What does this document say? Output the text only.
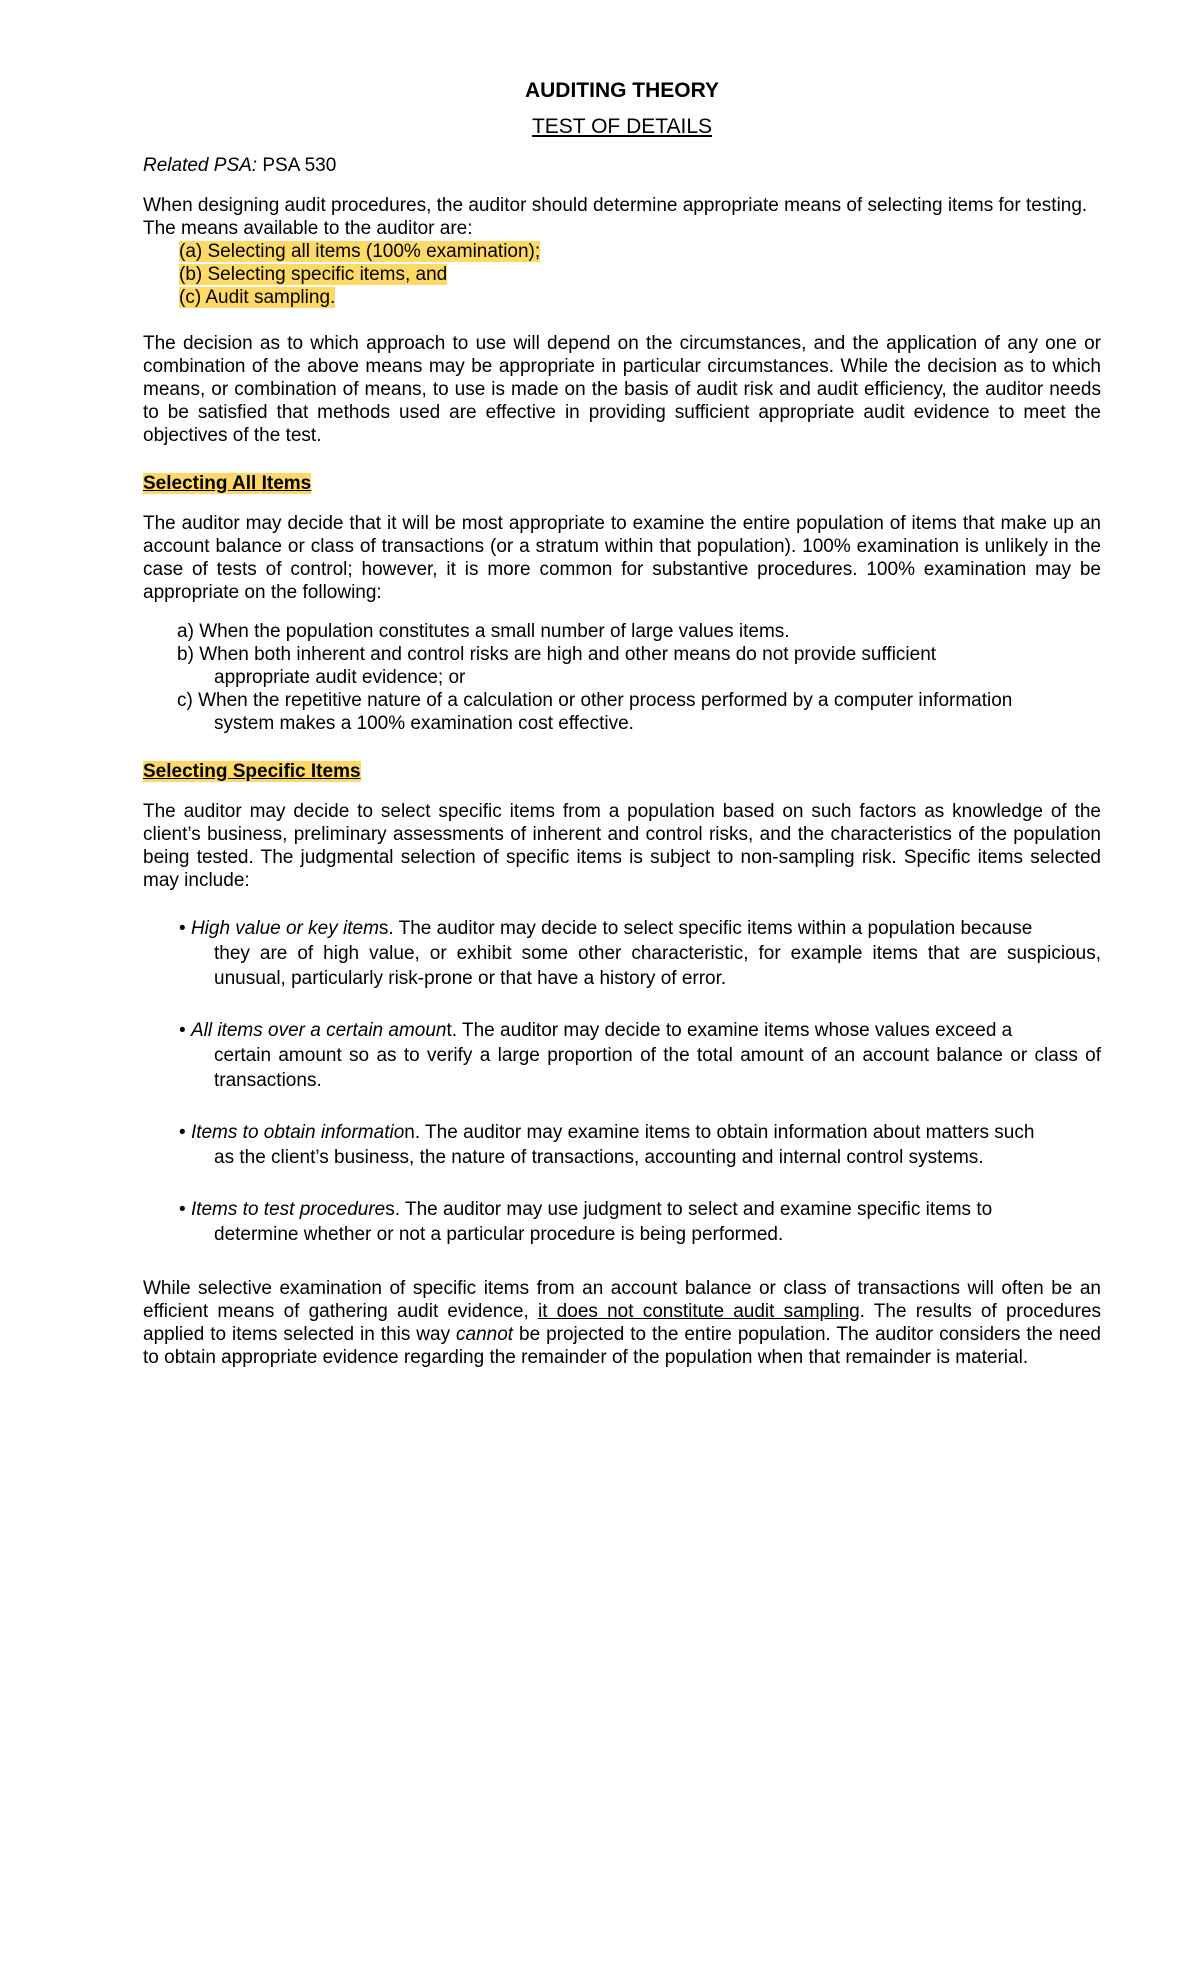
AUDITING THEORY
TEST OF DETAILS
Related PSA: PSA 530

When designing audit procedures, the auditor should determine appropriate means of selecting items for testing. The means available to the auditor are:

(a) Selecting all items (100% examination);
(b) Selecting specific items, and
(c) Audit sampling.

The decision as to which approach to use will depend on the circumstances, and the application of any one or combination of the above means may be appropriate in particular circumstances. While the decision as to which means, or combination of means, to use is made on the basis of audit risk and audit efficiency, the auditor needs to be satisfied that methods used are effective in providing sufficient appropriate audit evidence to meet the objectives of the test.

Selecting All Items

The auditor may decide that it will be most appropriate to examine the entire population of items that make up an account balance or class of transactions (or a stratum within that population). 100% examination is unlikely in the case of tests of control; however, it is more common for substantive procedures. 100% examination may be appropriate on the following:

a) When the population constitutes a small number of large values items.
b) When both inherent and control risks are high and other means do not provide sufficient
appropriate audit evidence; or
c) When the repetitive nature of a calculation or other process performed by a computer information
system makes a 100% examination cost effective.
Selecting Specific Items

The auditor may decide to select specific items from a population based on such factors as knowledge of the client’s business, preliminary assessments of inherent and control risks, and the characteristics of the population being tested. The judgmental selection of specific items is subject to non-sampling risk. Specific items selected may include:

• High value or key items. The auditor may decide to select specific items within a population because
they are of high value, or exhibit some other characteristic, for example items that are suspicious, unusual, particularly risk-prone or that have a history of error.
• All items over a certain amount. The auditor may decide to examine items whose values exceed a
certain amount so as to verify a large proportion of the total amount of an account balance or class of transactions.
• Items to obtain information. The auditor may examine items to obtain information about matters such
as the client’s business, the nature of transactions, accounting and internal control systems.
• Items to test procedures. The auditor may use judgment to select and examine specific items to
determine whether or not a particular procedure is being performed.

While selective examination of specific items from an account balance or class of transactions will often be an efficient means of gathering audit evidence, it does not constitute audit sampling. The results of procedures applied to items selected in this way cannot be projected to the entire population. The auditor considers the need to obtain appropriate evidence regarding the remainder of the population when that remainder is material.
